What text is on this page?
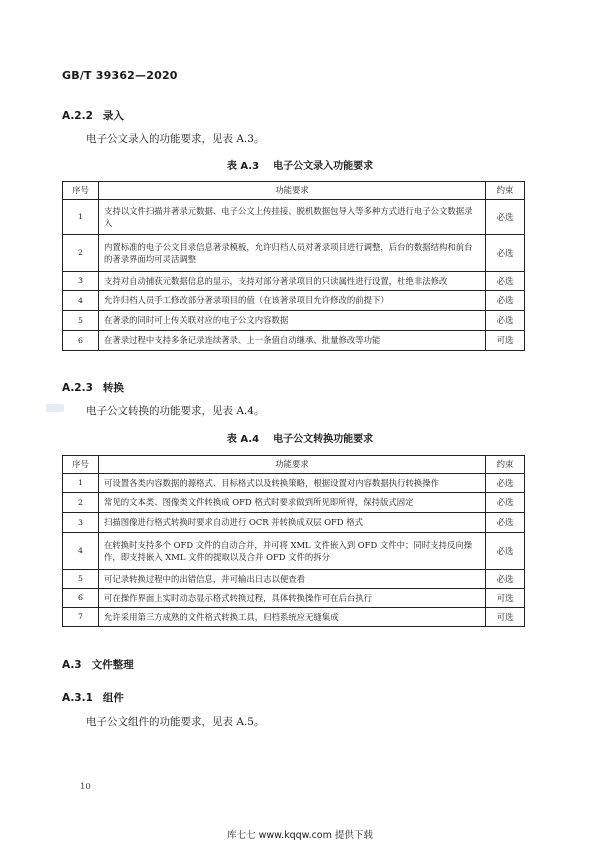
GB/T 39362—2020
A.2.2 录入
电子公文录入的功能要求，见表 A.3。
表 A.3 电子公文录入功能要求
序号	功能要求	约束
1	支持以文件扫描并著录元数据、电子公文上传挂接、脱机数据包导入等多种方式进行电子公文数据录入	必选
2	内置标准的电子公文目录信息著录模板，允许归档人员对著录项目进行调整，后台的数据结构和前台的著录界面均可灵活调整	必选
3	支持对自动捕获元数据信息的显示，支持对部分著录项目的只读属性进行设置，杜绝非法修改	必选
4	允许归档人员手工修改部分著录项目的值（在该著录项目允许修改的前提下）	必选
5	在著录的同时可上传关联对应的电子公文内容数据	必选
6	在著录过程中支持多条记录连续著录、上一条值自动继承、批量修改等功能	可选
A.2.3 转换
电子公文转换的功能要求，见表 A.4。
表 A.4 电子公文转换功能要求
序号	功能要求	约束
1	可设置各类内容数据的源格式、目标格式以及转换策略，根据设置对内容数据执行转换操作	必选
2	常见的文本类、图像类文件转换成 OFD 格式时要求做到所见即所得，保持版式固定	必选
3	扫描图像进行格式转换时要求自动进行 OCR 并转换成双层 OFD 格式	必选
4	在转换时支持多个 OFD 文件的自动合并，并可将 XML 文件嵌入到 OFD 文件中；同时支持反向操作，即支持嵌入 XML 文件的提取以及合并 OFD 文件的拆分	必选
5	可记录转换过程中的出错信息，并可输出日志以便查看	必选
6	可在操作界面上实时动态显示格式转换过程，具体转换操作可在后台执行	可选
7	允许采用第三方成熟的文件格式转换工具，归档系统应无缝集成	可选
A.3 文件整理
A.3.1 组件
电子公文组件的功能要求，见表 A.5。
10
库七七 www.kqqw.com 提供下载
